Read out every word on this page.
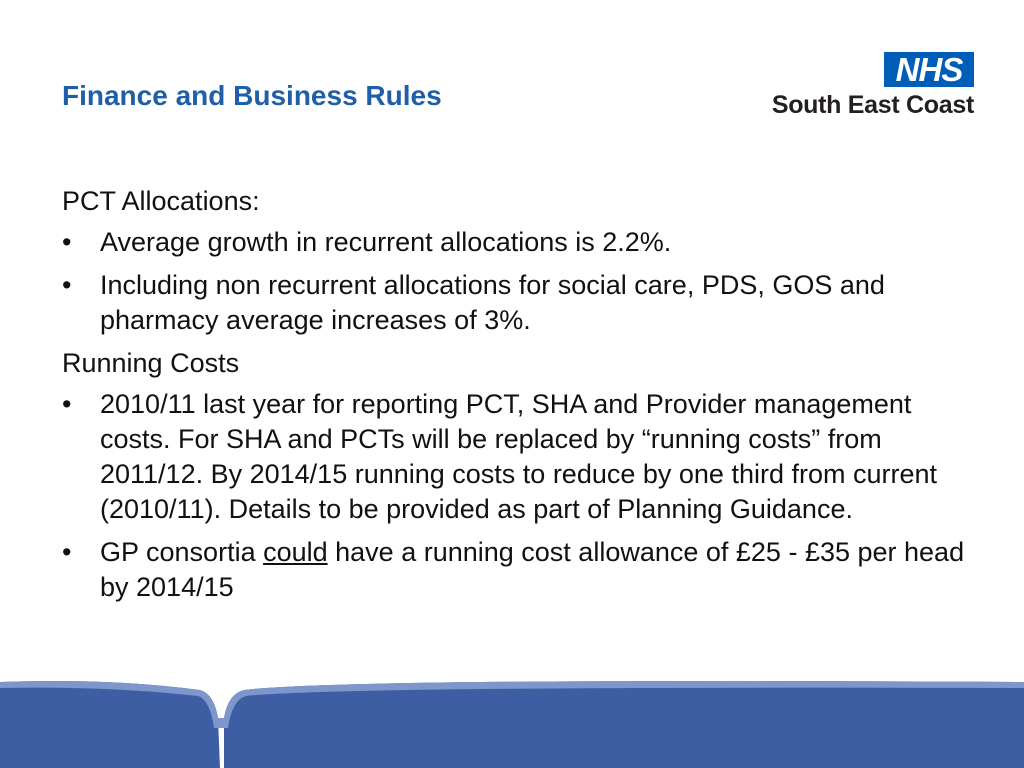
Finance and Business Rules
NHS
South East Coast

PCT Allocations:

• Average growth in recurrent allocations is 2.2%.
• Including non recurrent allocations for social care, PDS, GOS and pharmacy average increases of 3%.

Running Costs

• 2010/11 last year for reporting PCT, SHA and Provider management costs. For SHA and PCTs will be replaced by “running costs” from 2011/12. By 2014/15 running costs to reduce by one third from current (2010/11). Details to be provided as part of Planning Guidance.
• GP consortia could have a running cost allowance of £25 - £35 per head by 2014/15
